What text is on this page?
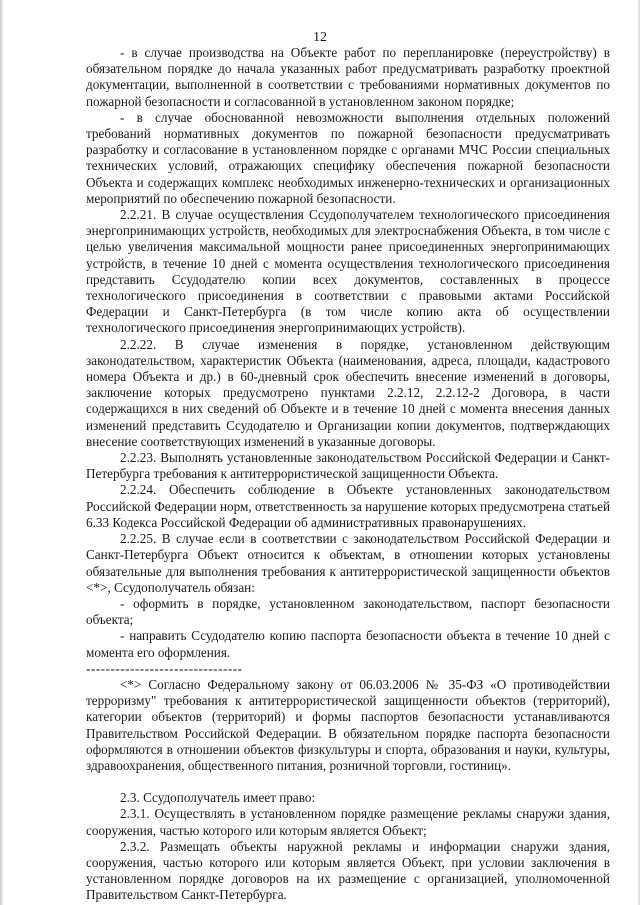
12

- в случае производства на Объекте работ по перепланировке (переустройству) в обязательном порядке до начала указанных работ предусматривать разработку проектной документации, выполненной в соответствии с требованиями нормативных документов по пожарной безопасности и согласованной в установленном законом порядке;

- в случае обоснованной невозможности выполнения отдельных положений требований нормативных документов по пожарной безопасности предусматривать разработку и согласование в установленном порядке с органами МЧС России специальных технических условий, отражающих специфику обеспечения пожарной безопасности Объекта и содержащих комплекс необходимых инженерно-технических и организационных мероприятий по обеспечению пожарной безопасности.

2.2.21. В случае осуществления Ссудополучателем технологического присоединения энергопринимающих устройств, необходимых для электроснабжения Объекта, в том числе с целью увеличения максимальной мощности ранее присоединенных энергопринимающих устройств, в течение 10 дней с момента осуществления технологического присоединения представить Ссудодателю копии всех документов, составленных в процессе технологического присоединения в соответствии с правовыми актами Российской Федерации и Санкт-Петербурга (в том числе копию акта об осуществлении технологического присоединения энергопринимающих устройств).

2.2.22. В случае изменения в порядке, установленном действующим законодательством, характеристик Объекта (наименования, адреса, площади, кадастрового номера Объекта и др.) в 60-дневный срок обеспечить внесение изменений в договоры, заключение которых предусмотрено пунктами 2.2.12, 2.2.12-2 Договора, в части содержащихся в них сведений об Объекте и в течение 10 дней с момента внесения данных изменений представить Ссудодателю и Организации копии документов, подтверждающих внесение соответствующих изменений в указанные договоры.

2.2.23. Выполнять установленные законодательством Российской Федерации и Санкт-Петербурга требования к антитеррористической защищенности Объекта.

2.2.24. Обеспечить соблюдение в Объекте установленных законодательством Российской Федерации норм, ответственность за нарушение которых предусмотрена статьей 6.33 Кодекса Российской Федерации об административных правонарушениях.

2.2.25. В случае если в соответствии с законодательством Российской Федерации и Санкт-Петербурга Объект относится к объектам, в отношении которых установлены обязательные для выполнения требования к антитеррористической защищенности объектов <*>, Ссудополучатель обязан:

- оформить в порядке, установленном законодательством, паспорт безопасности объекта;

- направить Ссудодателю копию паспорта безопасности объекта в течение 10 дней с момента его оформления.

--------------------------------

<*> Согласно Федеральному закону от 06.03.2006 № 35-ФЗ «О противодействии терроризму" требования к антитеррористической защищенности объектов (территорий), категории объектов (территорий) и формы паспортов безопасности устанавливаются Правительством Российской Федерации. В обязательном порядке паспорта безопасности оформляются в отношении объектов физкультуры и спорта, образования и науки, культуры, здравоохранения, общественного питания, розничной торговли, гостиниц».

2.3. Ссудополучатель имеет право:

2.3.1. Осуществлять в установленном порядке размещение рекламы снаружи здания, сооружения, частью которого или которым является Объект;

2.3.2. Размещать объекты наружной рекламы и информации снаружи здания, сооружения, частью которого или которым является Объект, при условии заключения в установленном порядке договоров на их размещение с организацией, уполномоченной Правительством Санкт-Петербурга.
